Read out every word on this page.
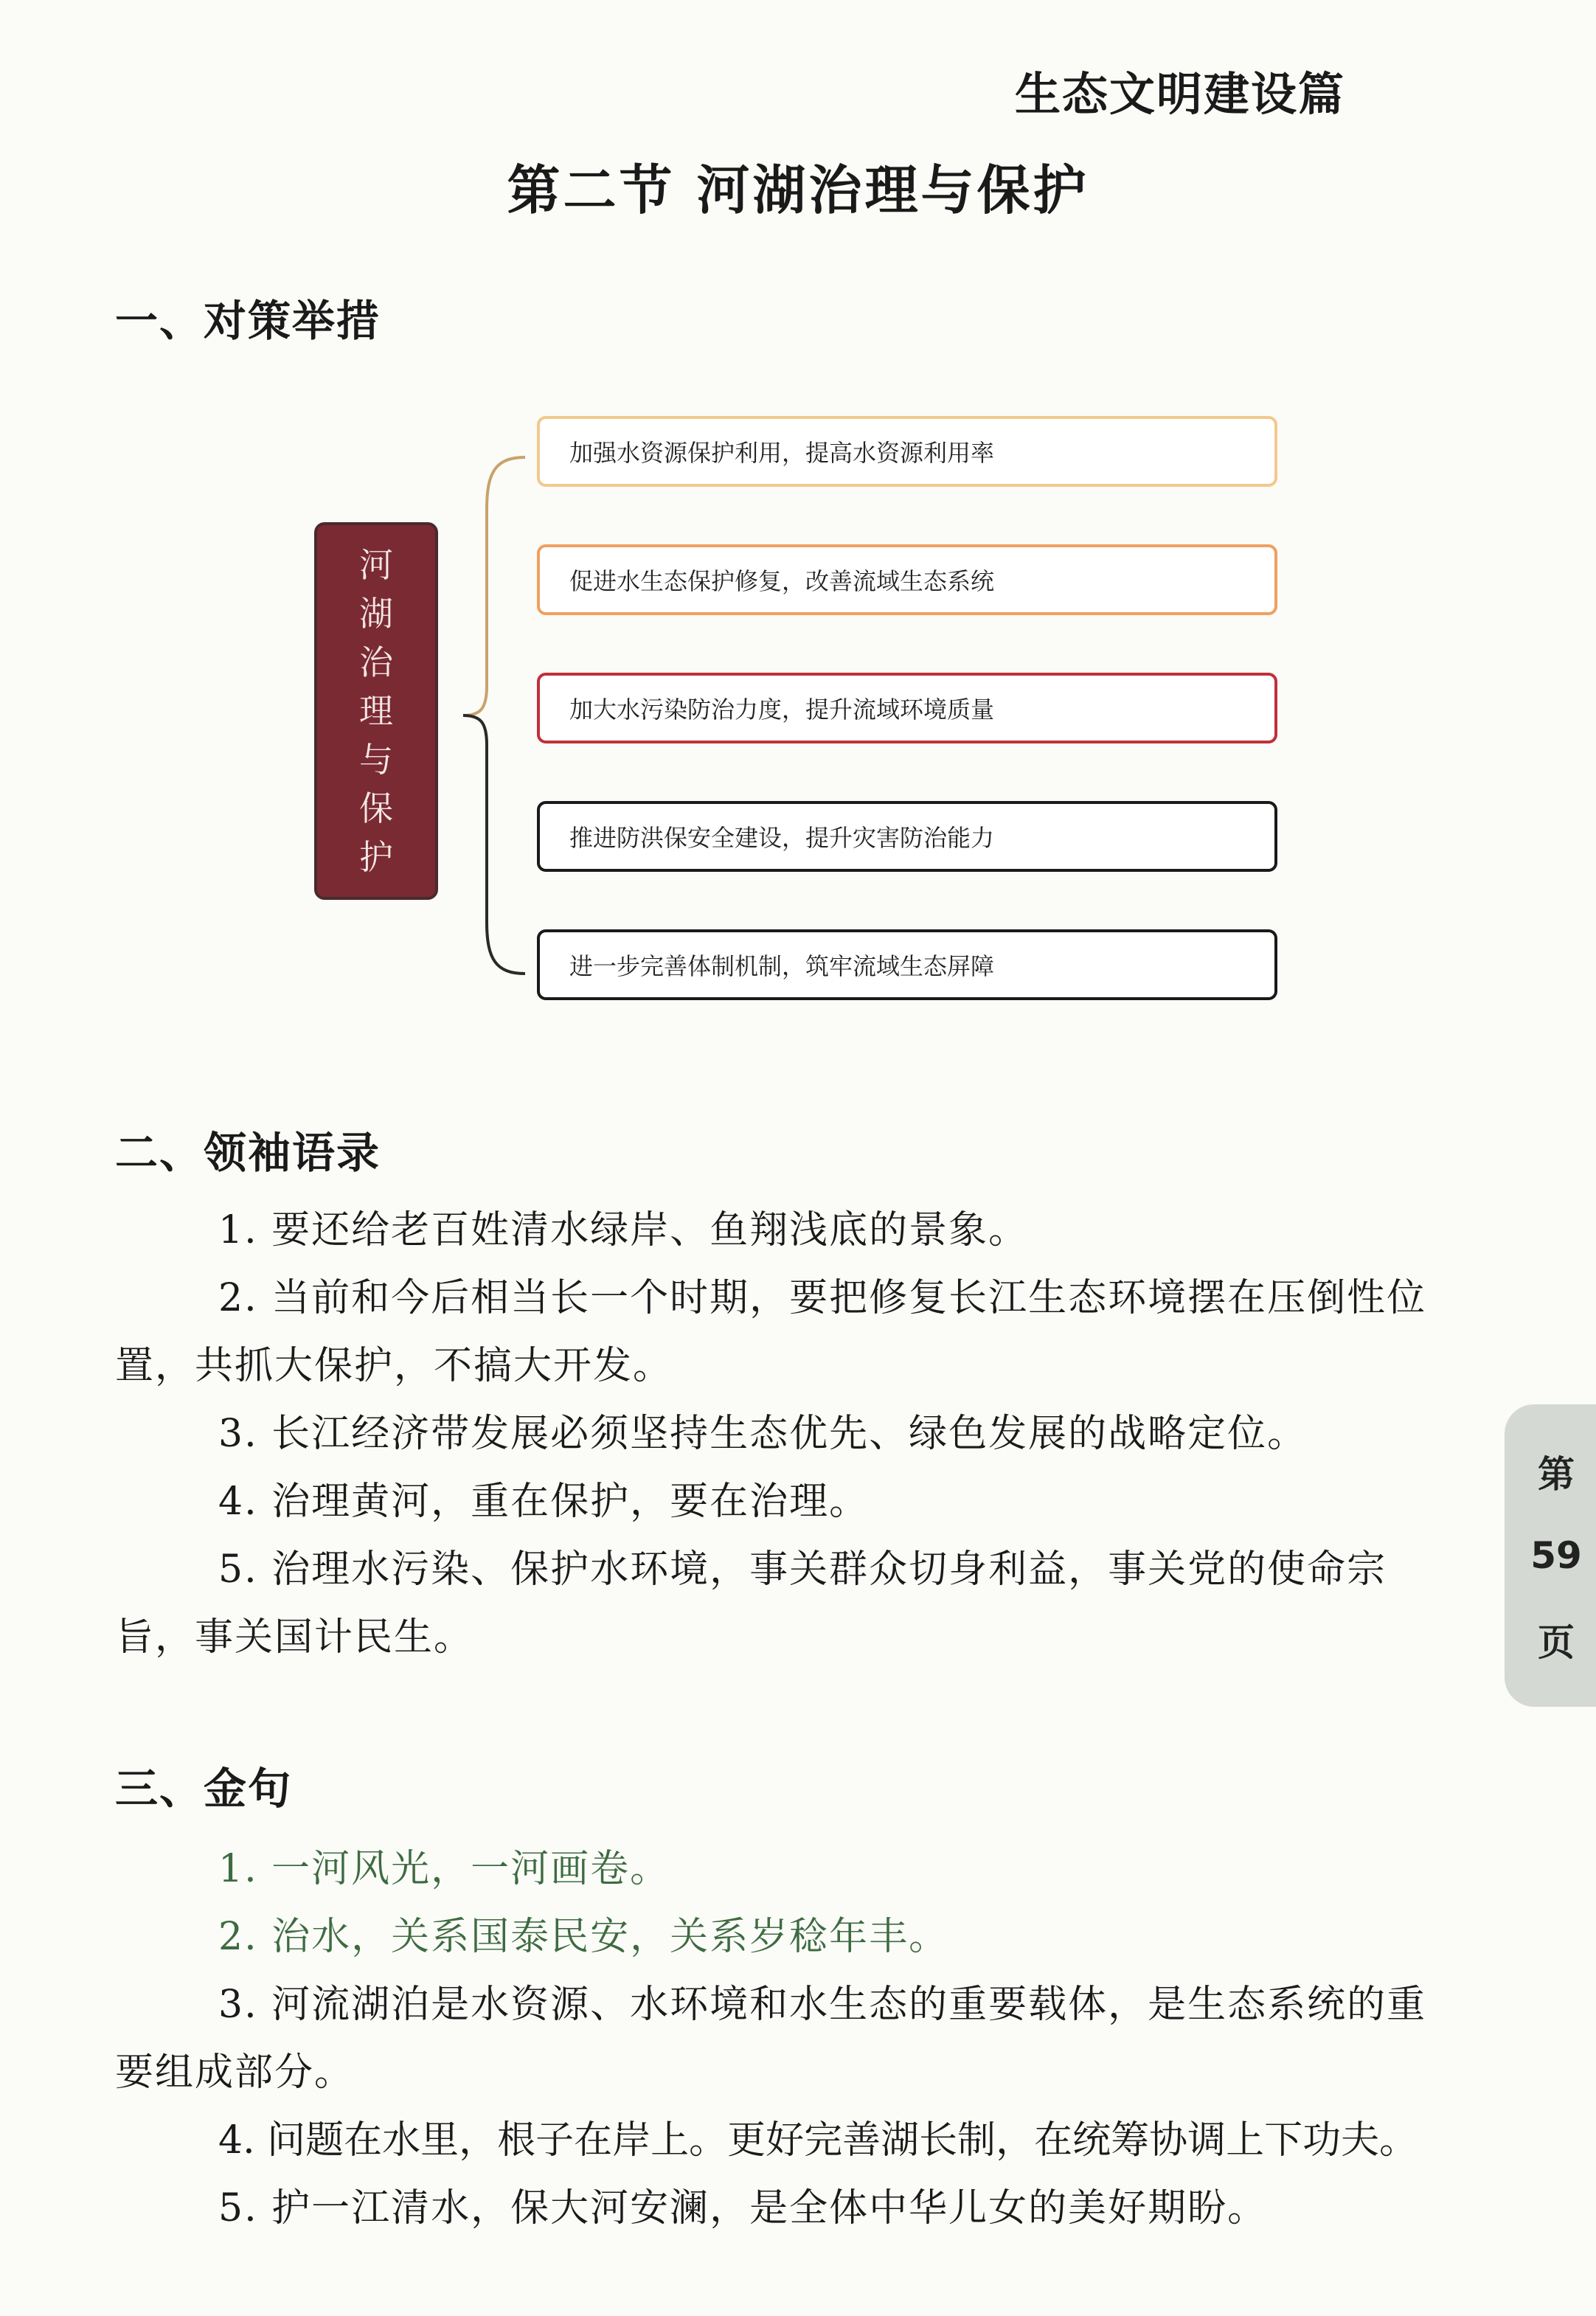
生态文明建设篇
第二节 河湖治理与保护
一、对策举措
河湖治理与保护
加强水资源保护利用，提高水资源利用率
促进水生态保护修复，改善流域生态系统
加大水污染防治力度，提升流域环境质量
推进防洪保安全建设，提升灾害防治能力
进一步完善体制机制，筑牢流域生态屏障
二、领袖语录
1. 要还给老百姓清水绿岸、鱼翔浅底的景象。
2. 当前和今后相当长一个时期，要把修复长江生态环境摆在压倒性位置，共抓大保护，不搞大开发。
3. 长江经济带发展必须坚持生态优先、绿色发展的战略定位。
4. 治理黄河，重在保护，要在治理。
5. 治理水污染、保护水环境，事关群众切身利益，事关党的使命宗旨，事关国计民生。
三、金句
1. 一河风光，一河画卷。
2. 治水，关系国泰民安，关系岁稔年丰。
3. 河流湖泊是水资源、水环境和水生态的重要载体，是生态系统的重要组成部分。
4. 问题在水里，根子在岸上。更好完善湖长制，在统筹协调上下功夫。
5. 护一江清水，保大河安澜，是全体中华儿女的美好期盼。
第
59
页
